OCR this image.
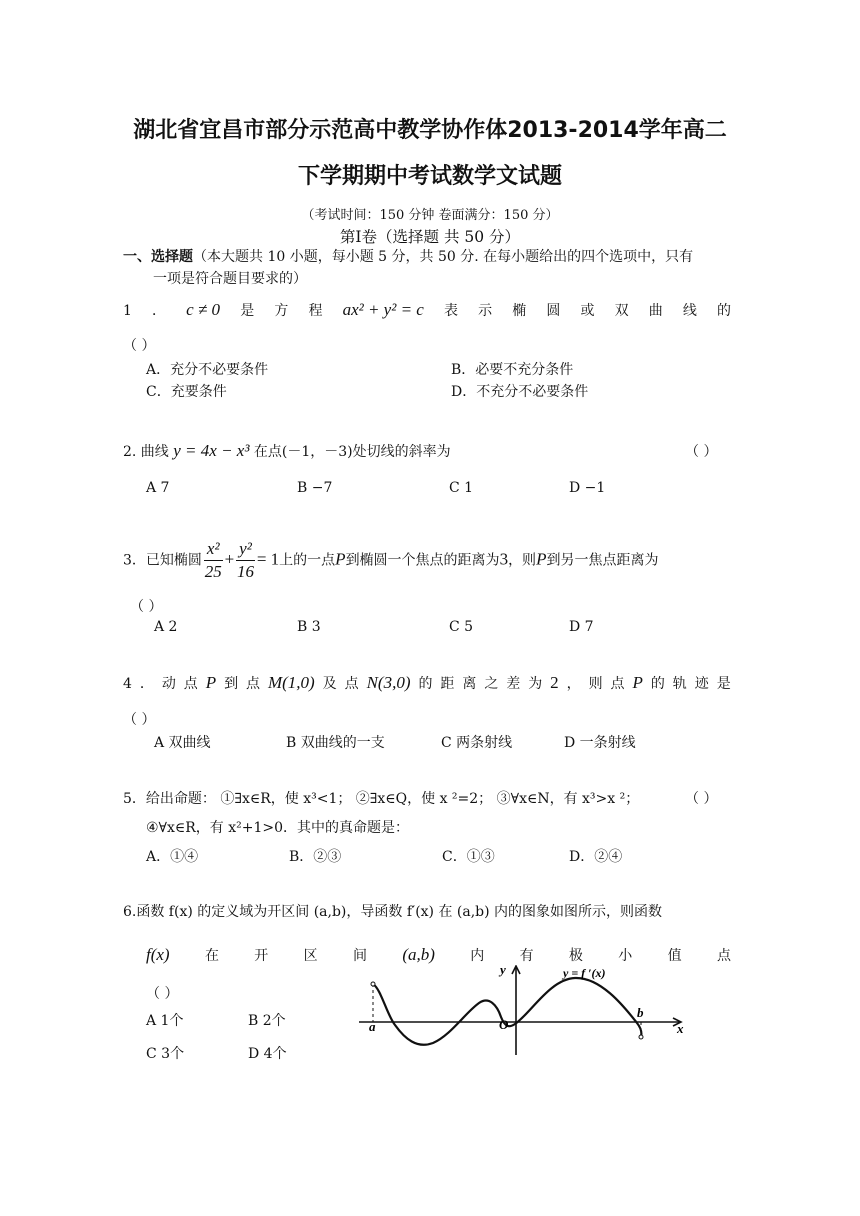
湖北省宜昌市部分示范高中教学协作体2013-2014学年高二
下学期期中考试数学文试题
（考试时间：150 分钟 卷面满分：150 分）
第Ⅰ卷（选择题 共 50 分）
一、选择题（本大题共 10 小题，每小题 5 分，共 50 分. 在每小题给出的四个选项中，只有
一项是符合题目要求的）
1 ． c ≠ 0 是 方 程 ax² + y² = c 表 示 椭 圆 或 双 曲 线 的
（ ）
A．充分不必要条件	B．必要不充分条件
C．充要条件	D．不充分不必要条件
2. 曲线 y = 4x − x³ 在点(－1，－3)处切线的斜率为	（ ）
A 7	B −7	C 1	D −1
3．已知椭圆 $\frac{\text{x²}}{25} + \frac{\text{y²}}{16} = 1$上的一点P到椭圆一个焦点的距离为3，则P到另一焦点距离为
（ ）
A 2	B 3	C 5	D 7
4 ． 动 点 P 到 点 M(1,0) 及 点 N(3,0) 的 距 离 之 差 为 2 ， 则 点 P 的 轨 迹 是
（ ）
A 双曲线	B 双曲线的一支	C 两条射线	D 一条射线
5．给出命题： ①∃x∈R，使 x³<1； ②∃x∈Q，使 x ²=2； ③∀x∈N，有 x³>x ²；	（ ）
④∀x∈R，有 x²+1>0．其中的真命题是：
A．①④	B．②③	C．①③	D．②④
6.函数 f(x) 的定义域为开区间 (a,b)，导函数 f′(x) 在 (a,b) 内的图象如图所示，则函数
f(x)	在	开	区	间 (a,b)	内	有	极	小	值	点
（ ）
A 1个	B 2个
C 3个	D 4个
a
b
O	x
y	y = f ′(x)
